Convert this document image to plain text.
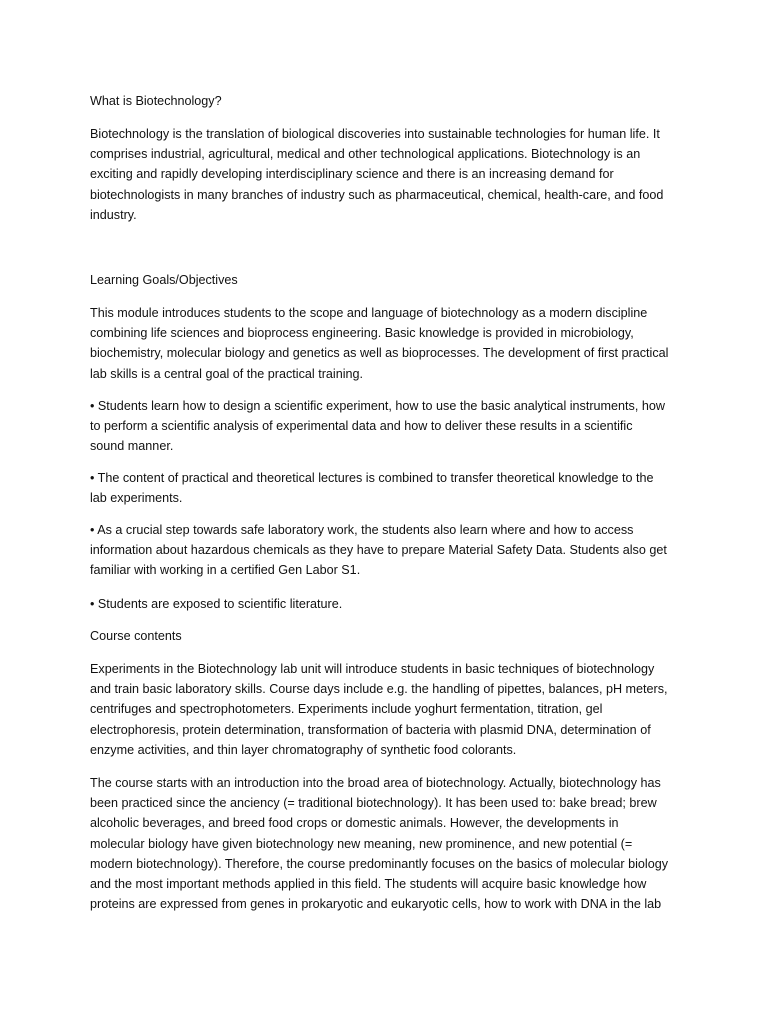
What is Biotechnology?
Biotechnology is the translation of biological discoveries into sustainable technologies for human life. It
comprises industrial, agricultural, medical and other technological applications. Biotechnology is an
exciting and rapidly developing interdisciplinary science and there is an increasing demand for
biotechnologists in many branches of industry such as pharmaceutical, chemical, health-care, and food
industry.
Learning Goals/Objectives
This module introduces students to the scope and language of biotechnology as a modern discipline
combining life sciences and bioprocess engineering. Basic knowledge is provided in microbiology,
biochemistry, molecular biology and genetics as well as bioprocesses. The development of first practical
lab skills is a central goal of the practical training.
• Students learn how to design a scientific experiment, how to use the basic analytical instruments, how
to perform a scientific analysis of experimental data and how to deliver these results in a scientific
sound manner.
• The content of practical and theoretical lectures is combined to transfer theoretical knowledge to the
lab experiments.
• As a crucial step towards safe laboratory work, the students also learn where and how to access
information about hazardous chemicals as they have to prepare Material Safety Data. Students also get
familiar with working in a certified Gen Labor S1.
• Students are exposed to scientific literature.
Course contents
Experiments in the Biotechnology lab unit will introduce students in basic techniques of biotechnology
and train basic laboratory skills. Course days include e.g. the handling of pipettes, balances, pH meters,
centrifuges and spectrophotometers. Experiments include yoghurt fermentation, titration, gel
electrophoresis, protein determination, transformation of bacteria with plasmid DNA, determination of
enzyme activities, and thin layer chromatography of synthetic food colorants.
The course starts with an introduction into the broad area of biotechnology. Actually, biotechnology has
been practiced since the anciency (= traditional biotechnology). It has been used to: bake bread; brew
alcoholic beverages, and breed food crops or domestic animals. However, the developments in
molecular biology have given biotechnology new meaning, new prominence, and new potential (=
modern biotechnology). Therefore, the course predominantly focuses on the basics of molecular biology
and the most important methods applied in this field. The students will acquire basic knowledge how
proteins are expressed from genes in prokaryotic and eukaryotic cells, how to work with DNA in the lab
